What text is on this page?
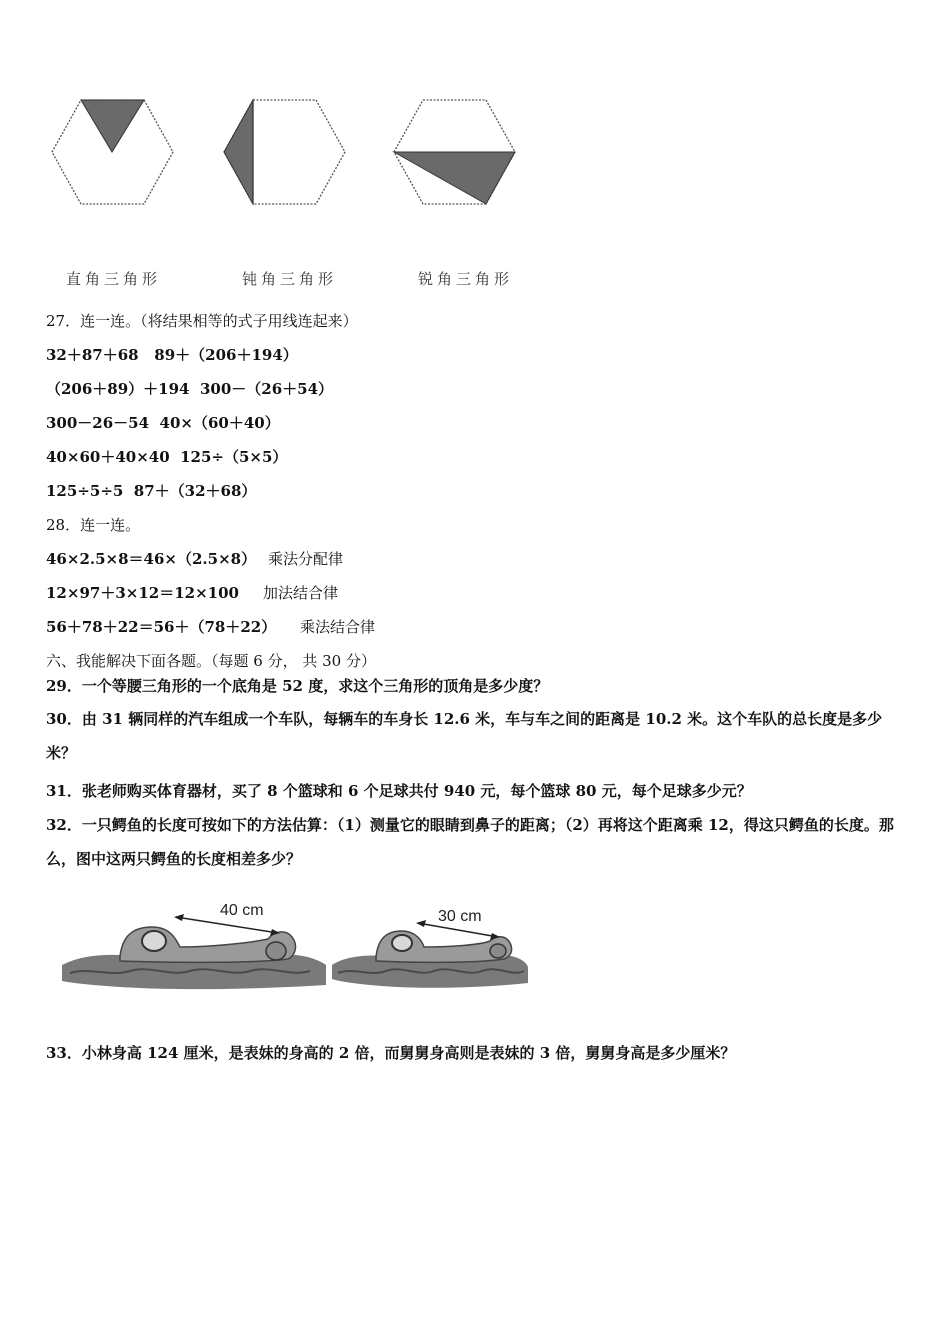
直角三角形	钝角三角形	锐角三角形
27．连一连。（将结果相等的式子用线连起来）
32＋87＋68 89＋（206＋194）
（206＋89）＋194 300－（26＋54）
300－26－54 40×（60＋40）
40×60＋40×40 125÷（5×5）
125÷5÷5 87＋（32＋68）
28．连一连。
46×2.5×8＝46×（2.5×8） 乘法分配律
12×97＋3×12＝12×100 加法结合律
56＋78＋22＝56＋（78＋22） 乘法结合律
六、我能解决下面各题。（每题 6 分， 共 30 分）
29．一个等腰三角形的一个底角是 52 度，求这个三角形的顶角是多少度？
30．由 31 辆同样的汽车组成一个车队，每辆车的车身长 12.6 米，车与车之间的距离是 10.2 米。这个车队的总长度是多少米？
31．张老师购买体育器材，买了 8 个篮球和 6 个足球共付 940 元，每个篮球 80 元，每个足球多少元？
32．一只鳄鱼的长度可按如下的方法估算：（1）测量它的眼睛到鼻子的距离；（2）再将这个距离乘 12，得这只鳄鱼的长度。那么，图中这两只鳄鱼的长度相差多少？
40 cm	30 cm
33．小林身高 124 厘米，是表妹的身高的 2 倍，而舅舅身高则是表妹的 3 倍，舅舅身高是多少厘米？
